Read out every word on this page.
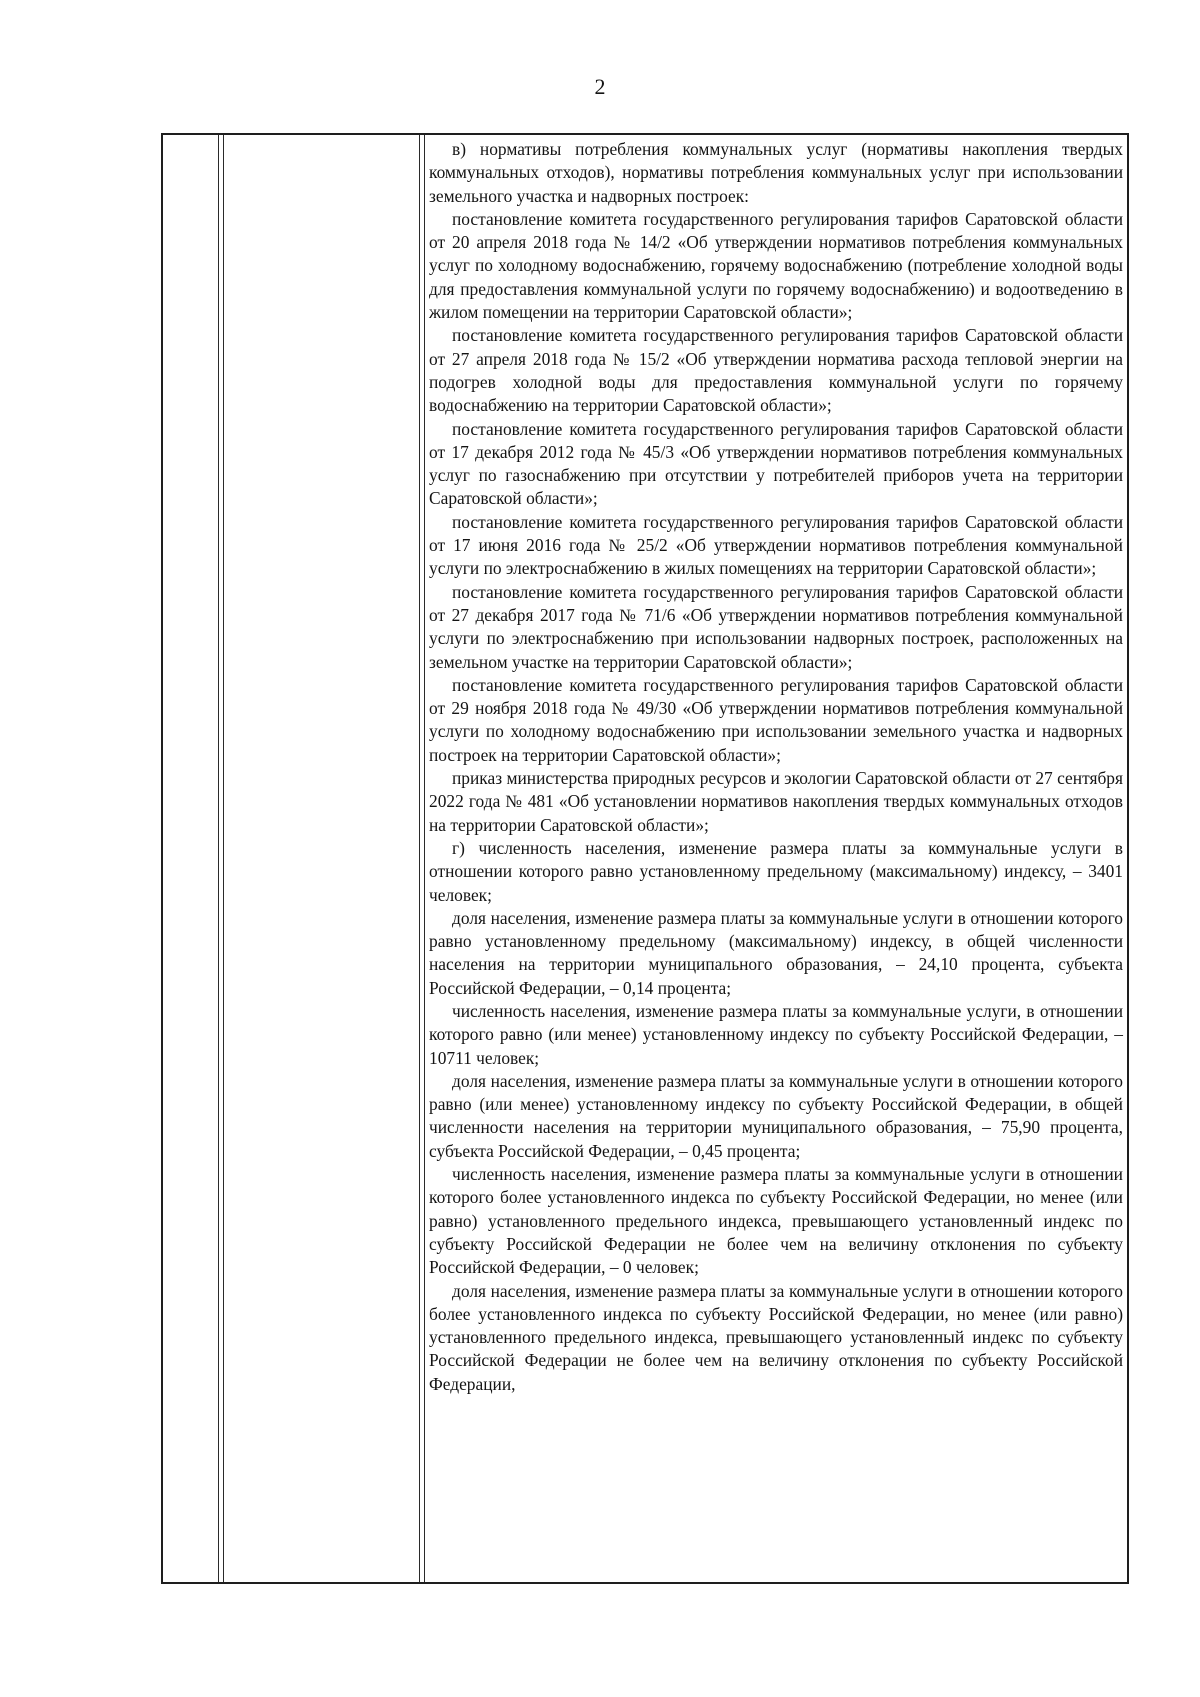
2

в) нормативы потребления коммунальных услуг (нормативы накопления твердых коммунальных отходов), нормативы потребления коммунальных услуг при использовании земельного участка и надворных построек:

постановление комитета государственного регулирования тарифов Саратовской области от 20 апреля 2018 года № 14/2 «Об утверждении нормативов потребления коммунальных услуг по холодному водоснабжению, горячему водоснабжению (потребление холодной воды для предоставления коммунальной услуги по горячему водоснабжению) и водоотведению в жилом помещении на территории Саратовской области»;

постановление комитета государственного регулирования тарифов Саратовской области от 27 апреля 2018 года № 15/2 «Об утверждении норматива расхода тепловой энергии на подогрев холодной воды для предоставления коммунальной услуги по горячему водоснабжению на территории Саратовской области»;

постановление комитета государственного регулирования тарифов Саратовской области от 17 декабря 2012 года № 45/3 «Об утверждении нормативов потребления коммунальных услуг по газоснабжению при отсутствии у потребителей приборов учета на территории Саратовской области»;

постановление комитета государственного регулирования тарифов Саратовской области от 17 июня 2016 года № 25/2 «Об утверждении нормативов потребления коммунальной услуги по электроснабжению в жилых помещениях на территории Саратовской области»;

постановление комитета государственного регулирования тарифов Саратовской области от 27 декабря 2017 года № 71/6 «Об утверждении нормативов потребления коммунальной услуги по электроснабжению при использовании надворных построек, расположенных на земельном участке на территории Саратовской области»;

постановление комитета государственного регулирования тарифов Саратовской области от 29 ноября 2018 года № 49/30 «Об утверждении нормативов потребления коммунальной услуги по холодному водоснабжению при использовании земельного участка и надворных построек на территории Саратовской области»;

приказ министерства природных ресурсов и экологии Саратовской области от 27 сентября 2022 года № 481 «Об установлении нормативов накопления твердых коммунальных отходов на территории Саратовской области»;

г) численность населения, изменение размера платы за коммунальные услуги в отношении которого равно установленному предельному (максимальному) индексу, – 3401 человек;

доля населения, изменение размера платы за коммунальные услуги в отношении которого равно установленному предельному (максимальному) индексу, в общей численности населения на территории муниципального образования, – 24,10 процента, субъекта Российской Федерации, – 0,14 процента;

численность населения, изменение размера платы за коммунальные услуги, в отношении которого равно (или менее) установленному индексу по субъекту Российской Федерации, – 10711 человек;

доля населения, изменение размера платы за коммунальные услуги в отношении которого равно (или менее) установленному индексу по субъекту Российской Федерации, в общей численности населения на территории муниципального образования, – 75,90 процента, субъекта Российской Федерации, – 0,45 процента;

численность населения, изменение размера платы за коммунальные услуги в отношении которого более установленного индекса по субъекту Российской Федерации, но менее (или равно) установленного предельного индекса, превышающего установленный индекс по субъекту Российской Федерации не более чем на величину отклонения по субъекту Российской Федерации, – 0 человек;

доля населения, изменение размера платы за коммунальные услуги в отношении которого более установленного индекса по субъекту Российской Федерации, но менее (или равно) установленного предельного индекса, превышающего установленный индекс по субъекту Российской Федерации не более чем на величину отклонения по субъекту Российской Федерации,
